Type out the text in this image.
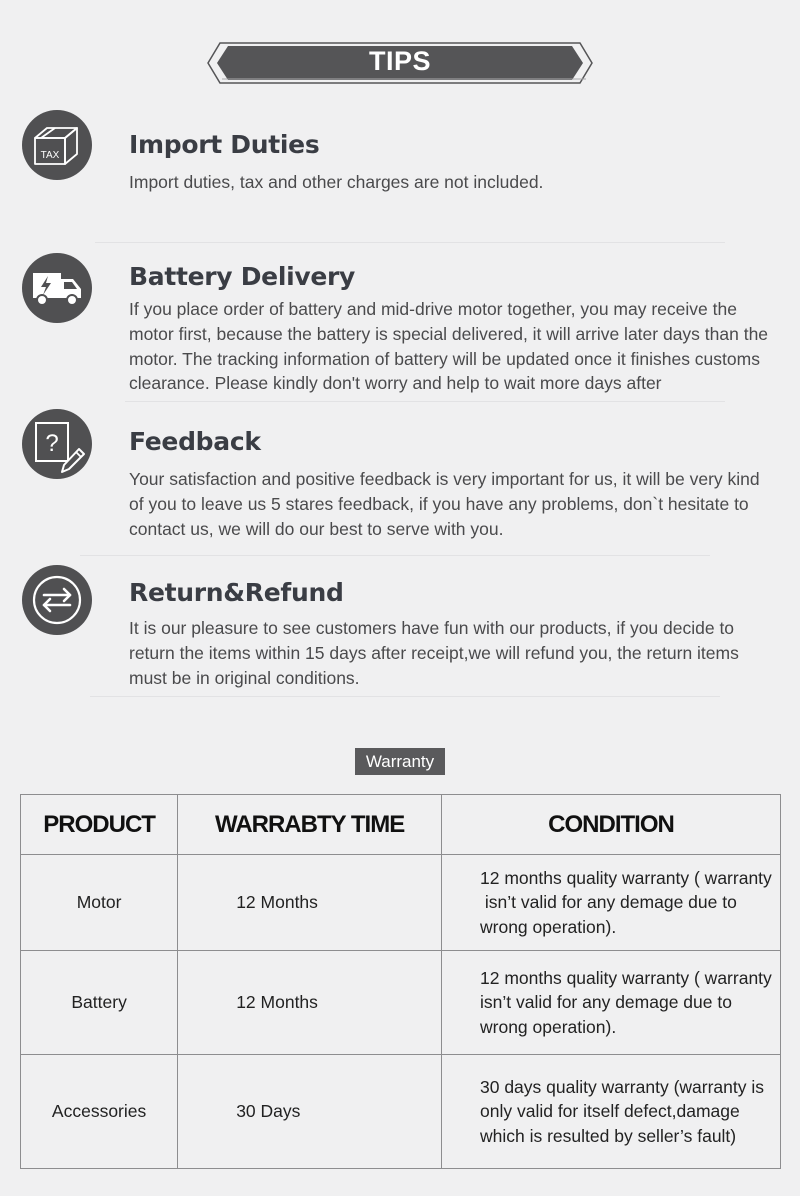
TIPS
TAX	Import Duties
Import duties, tax and other charges are not included.
Battery Delivery
If you place order of battery and mid-drive motor together, you may receive the motor first, because the battery is special delivered, it will arrive later days than the motor. The tracking information of battery will be updated once it finishes customs clearance. Please kindly don't worry and help to wait more days after
?	Feedback
Your satisfaction and positive feedback is very important for us, it will be very kind of you to leave us 5 stares feedback, if you have any problems, don`t hesitate to contact us, we will do our best to serve with you.
Return&Refund
It is our pleasure to see customers have fun with our products, if you decide to return the items within 15 days after receipt,we will refund you, the return items must be in original conditions.
Warranty
PRODUCT	WARRABTY TIME	CONDITION
Motor	12 Months	12 months quality warranty ( warranty
isn’t valid for any demage due to
wrong operation).

Battery	12 Months	12 months quality warranty ( warranty
isn’t valid for any demage due to
wrong operation).

Accessories	30 Days	30 days quality warranty (warranty is
only valid for itself defect,damage
which is resulted by seller’s fault)
